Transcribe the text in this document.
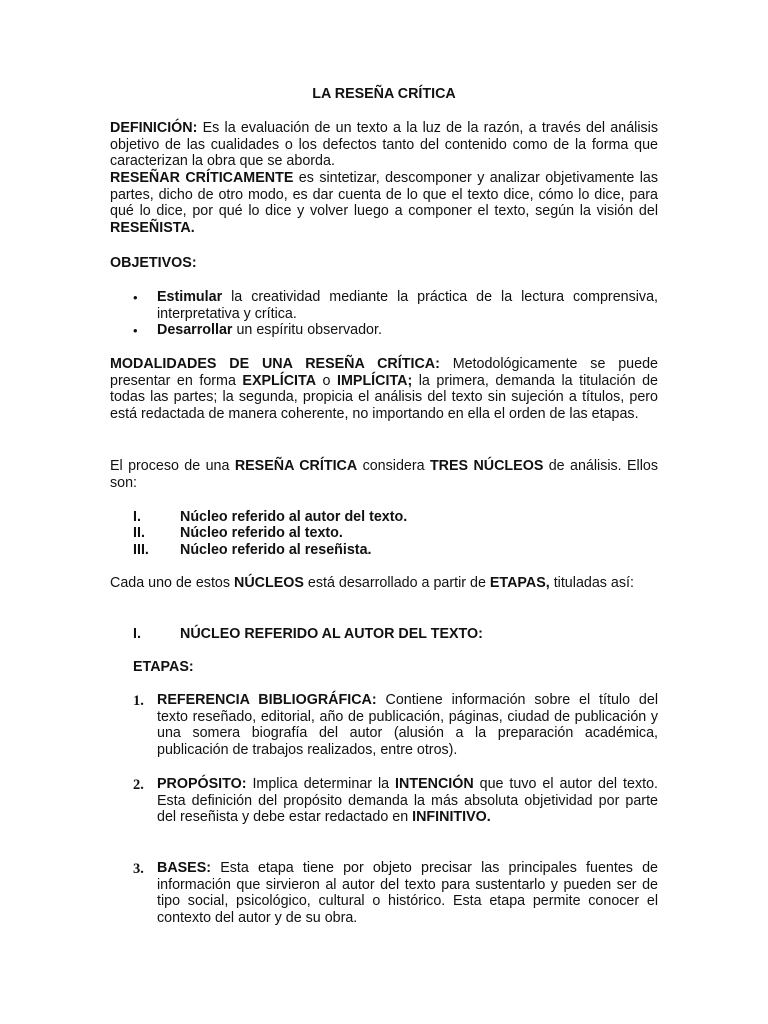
LA RESEÑA CRÍTICA

DEFINICIÓN: Es la evaluación de un texto a la luz de la razón, a través del análisis objetivo de las cualidades o los defectos tanto del contenido como de la forma que caracterizan la obra que se aborda.

RESEÑAR CRÍTICAMENTE es sintetizar, descomponer y analizar objetivamente las partes, dicho de otro modo, es dar cuenta de lo que el texto dice, cómo lo dice, para qué lo dice, por qué lo dice y volver luego a componer el texto, según la visión del RESEÑISTA.

OBJETIVOS:

• Estimular la creatividad mediante la práctica de la lectura comprensiva, interpretativa y crítica.

• Desarrollar un espíritu observador.

MODALIDADES DE UNA RESEÑA CRÍTICA: Metodológicamente se puede presentar en forma EXPLÍCITA o IMPLÍCITA; la primera, demanda la titulación de todas las partes; la segunda, propicia el análisis del texto sin sujeción a títulos, pero está redactada de manera coherente, no importando en ella el orden de las etapas.

El proceso de una RESEÑA CRÍTICA considera TRES NÚCLEOS de análisis. Ellos son:

I.	Núcleo referido al autor del texto.
II. Núcleo referido al texto.
III. Núcleo referido al reseñista.

Cada uno de estos NÚCLEOS está desarrollado a partir de ETAPAS, tituladas así:

I.	NÚCLEO REFERIDO AL AUTOR DEL TEXTO:
ETAPAS:
1. REFERENCIA BIBLIOGRÁFICA: Contiene información sobre el título del texto reseñado, editorial, año de publicación, páginas, ciudad de publicación y una somera biografía del autor (alusión a la preparación académica, publicación de trabajos realizados, entre otros).

2. PROPÓSITO: Implica determinar la INTENCIÓN que tuvo el autor del texto. Esta definición del propósito demanda la más absoluta objetividad por parte del reseñista y debe estar redactado en INFINITIVO.

3. BASES: Esta etapa tiene por objeto precisar las principales fuentes de información que sirvieron al autor del texto para sustentarlo y pueden ser de tipo social, psicológico, cultural o histórico. Esta etapa permite conocer el contexto del autor y de su obra.
